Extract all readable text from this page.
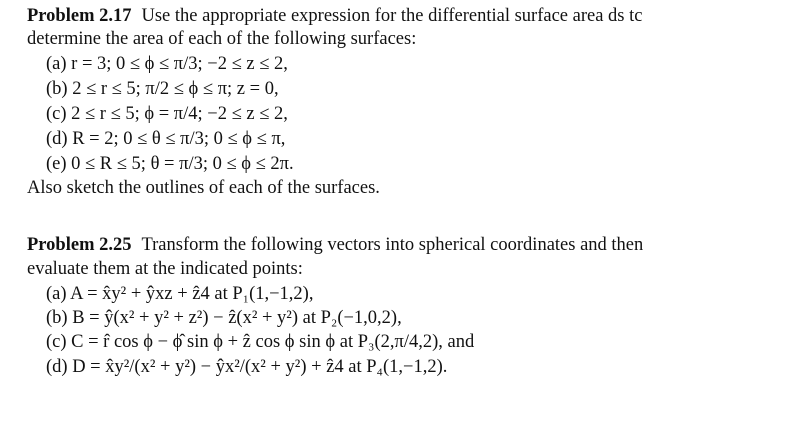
Problem 2.17 Use the appropriate expression for the differential surface area ds tc
determine the area of each of the following surfaces:
(a) r = 3; 0 ≤ ϕ ≤ π/3; −2 ≤ z ≤ 2,
(b) 2 ≤ r ≤ 5; π/2 ≤ ϕ ≤ π; z = 0,
(c) 2 ≤ r ≤ 5; ϕ = π/4; −2 ≤ z ≤ 2,
(d) R = 2; 0 ≤ θ ≤ π/3; 0 ≤ ϕ ≤ π,
(e) 0 ≤ R ≤ 5; θ = π/3; 0 ≤ ϕ ≤ 2π.
Also sketch the outlines of each of the surfaces.
Problem 2.25 Transform the following vectors into spherical coordinates and then
evaluate them at the indicated points:
(a) A = x̂y² + ŷxz + ẑ4 at P₁(1,−1,2),
(b) B = ŷ(x² + y² + z²) − ẑ(x² + y²) at P₂(−1,0,2),
(c) C = r̂ cos ϕ − ϕ̂ sin ϕ + ẑ cos ϕ sin ϕ at P₃(2,π/4,2), and
(d) D = x̂y²/(x² + y²) − ŷx²/(x² + y²) + ẑ4 at P₄(1,−1,2).
